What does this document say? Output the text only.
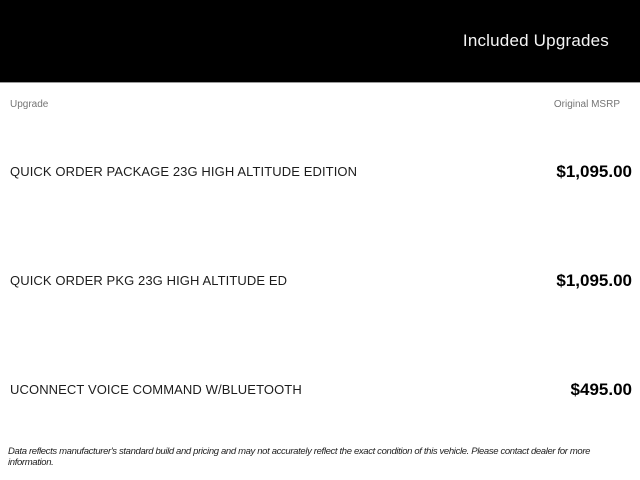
Included Upgrades
Upgrade	Original MSRP
QUICK ORDER PACKAGE 23G HIGH ALTITUDE EDITION	$1,095.00
QUICK ORDER PKG 23G HIGH ALTITUDE ED	$1,095.00
UCONNECT VOICE COMMAND W/BLUETOOTH	$495.00
Data reflects manufacturer's standard build and pricing and may not accurately reflect the exact condition of this vehicle. Please contact dealer for more information.
